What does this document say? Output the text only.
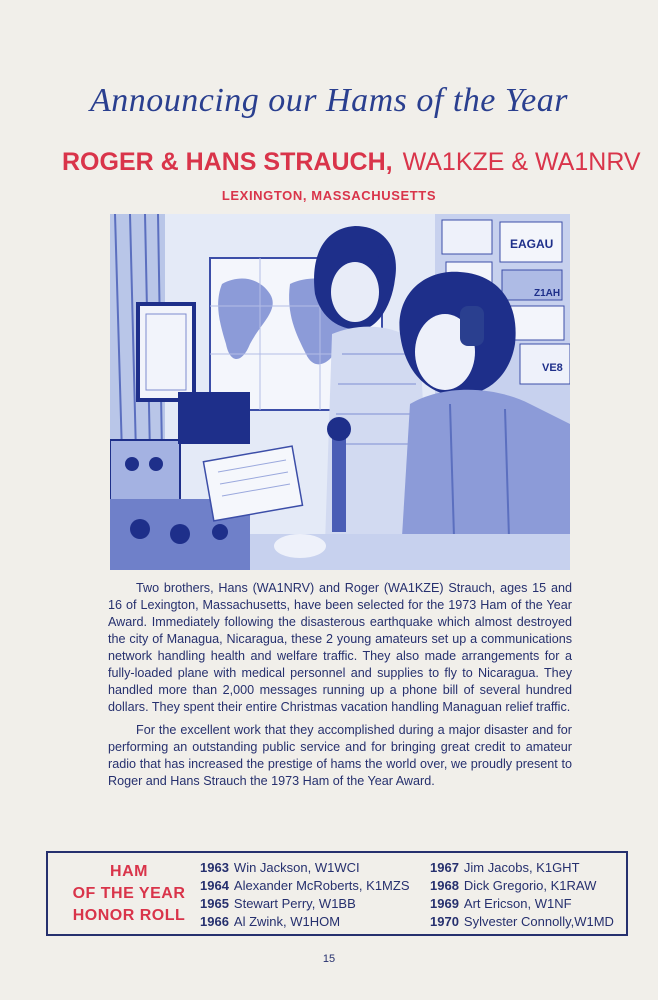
Announcing our Hams of the Year
ROGER & HANS STRAUCH, WA1KZE & WA1NRV
LEXINGTON, MASSACHUSETTS
EAGAU
Z1AH
VE8

Two brothers, Hans (WA1NRV) and Roger (WA1KZE) Strauch, ages 15 and 16 of Lexington, Massachusetts, have been selected for the 1973 Ham of the Year Award. Immediately following the disasterous earthquake which almost destroyed the city of Managua, Nicaragua, these 2 young amateurs set up a communications network handling health and welfare traffic. They also made arrangements for a fully-loaded plane with medical personnel and supplies to fly to Nicaragua. They handled more than 2,000 messages running up a phone bill of several hundred dollars. They spent their entire Christmas vacation handling Managuan relief traffic.

For the excellent work that they accomplished during a major disaster and for performing an outstanding public service and for bringing great credit to amateur radio that has increased the prestige of hams the world over, we proudly present to Roger and Hans Strauch the 1973 Ham of the Year Award.

HAM
OF THE YEAR
HONOR ROLL
1963 Win Jackson, W1WCI
1964 Alexander McRoberts, K1MZS
1965 Stewart Perry, W1BB
1966 Al Zwink, W1HOM
1967 Jim Jacobs, K1GHT
1968 Dick Gregorio, K1RAW
1969 Art Ericson, W1NF
1970 Sylvester Connolly,W1MD
15
